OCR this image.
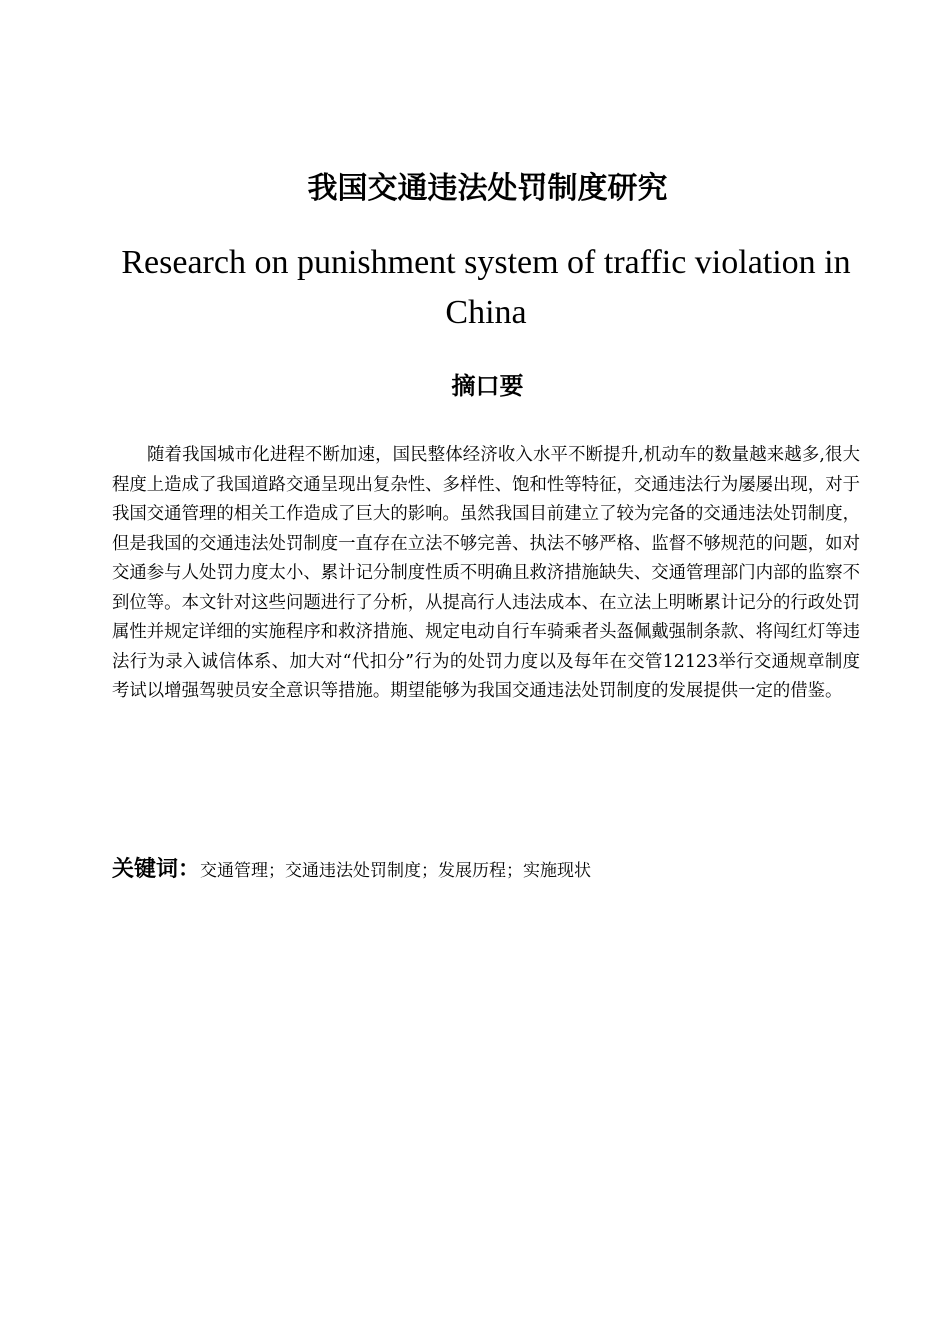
我国交通违法处罚制度研究
Research on punishment system of traffic violation in China
摘口要

随着我国城市化进程不断加速，国民整体经济收入水平不断提升,机动车的数量越来越多,很大程度上造成了我国道路交通呈现出复杂性、多样性、饱和性等特征，交通违法行为屡屡出现，对于我国交通管理的相关工作造成了巨大的影响。虽然我国目前建立了较为完备的交通违法处罚制度，但是我国的交通违法处罚制度一直存在立法不够完善、执法不够严格、监督不够规范的问题，如对交通参与人处罚力度太小、累计记分制度性质不明确且救济措施缺失、交通管理部门内部的监察不到位等。本文针对这些问题进行了分析，从提高行人违法成本、在立法上明晰累计记分的行政处罚属性并规定详细的实施程序和救济措施、规定电动自行车骑乘者头盔佩戴强制条款、将闯红灯等违法行为录入诚信体系、加大对“代扣分”行为的处罚力度以及每年在交管12123举行交通规章制度考试以增强驾驶员安全意识等措施。期望能够为我国交通违法处罚制度的发展提供一定的借鉴。

关键词：交通管理；交通违法处罚制度；发展历程；实施现状
